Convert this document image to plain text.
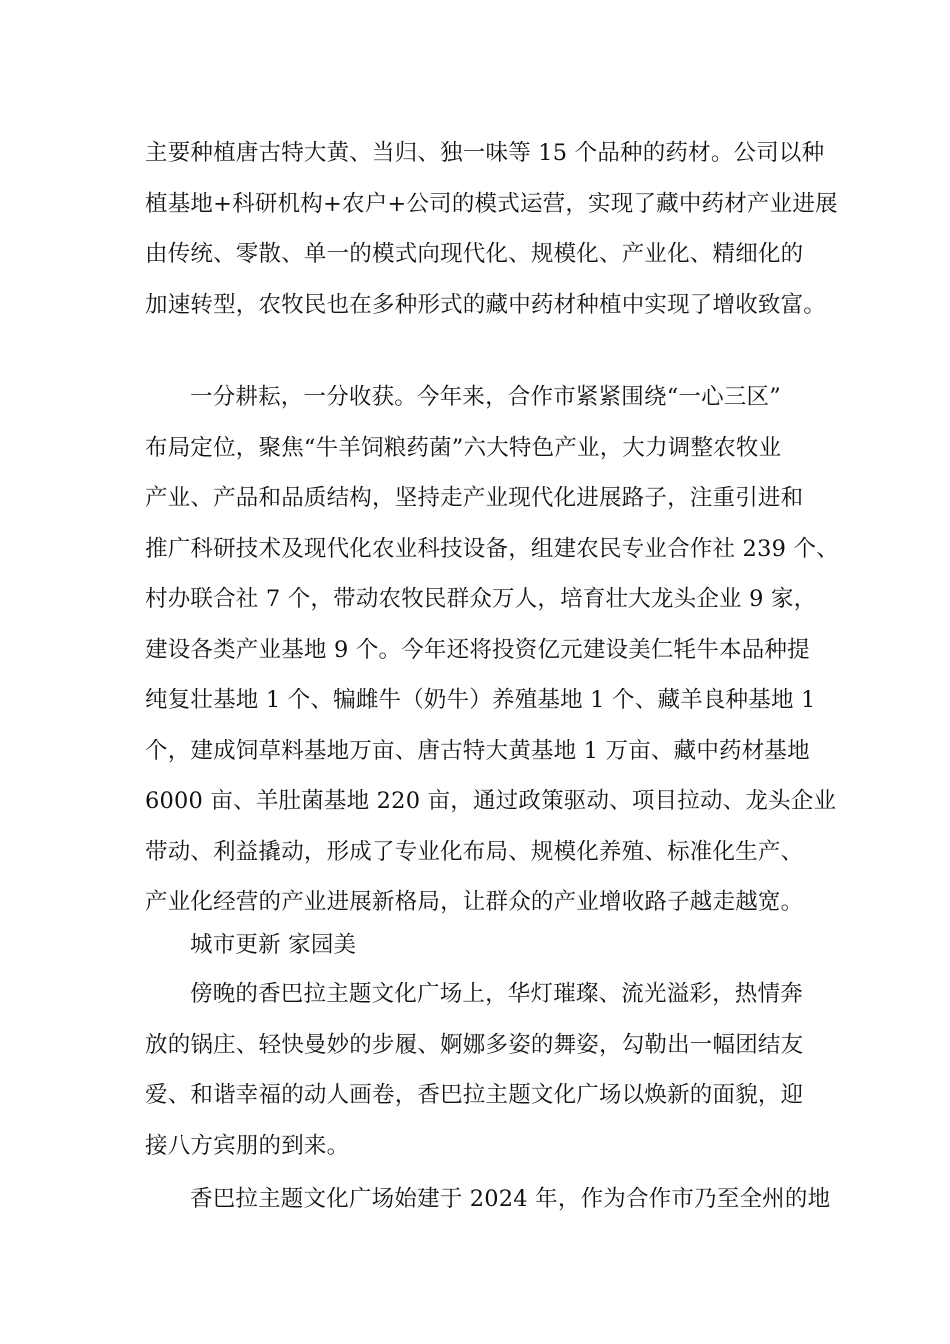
主要种植唐古特大黄、当归、独一味等 15 个品种的药材。公司以种
植基地+科研机构+农户+公司的模式运营，实现了藏中药材产业进展
由传统、零散、单一的模式向现代化、规模化、产业化、精细化的
加速转型，农牧民也在多种形式的藏中药材种植中实现了增收致富。
一分耕耘，一分收获。今年来，合作市紧紧围绕“一心三区”
布局定位，聚焦“牛羊饲粮药菌”六大特色产业，大力调整农牧业
产业、产品和品质结构，坚持走产业现代化进展路子，注重引进和
推广科研技术及现代化农业科技设备，组建农民专业合作社 239 个、
村办联合社 7 个，带动农牧民群众万人，培育壮大龙头企业 9 家，
建设各类产业基地 9 个。今年还将投资亿元建设美仁牦牛本品种提
纯复壮基地 1 个、犏雌牛（奶牛）养殖基地 1 个、藏羊良种基地 1
个，建成饲草料基地万亩、唐古特大黄基地 1 万亩、藏中药材基地
6000 亩、羊肚菌基地 220 亩，通过政策驱动、项目拉动、龙头企业
带动、利益撬动，形成了专业化布局、规模化养殖、标准化生产、
产业化经营的产业进展新格局，让群众的产业增收路子越走越宽。
城市更新 家园美
傍晚的香巴拉主题文化广场上，华灯璀璨、流光溢彩，热情奔
放的锅庄、轻快曼妙的步履、婀娜多姿的舞姿，勾勒出一幅团结友
爱、和谐幸福的动人画卷，香巴拉主题文化广场以焕新的面貌，迎
接八方宾朋的到来。
香巴拉主题文化广场始建于 2024 年，作为合作市乃至全州的地
